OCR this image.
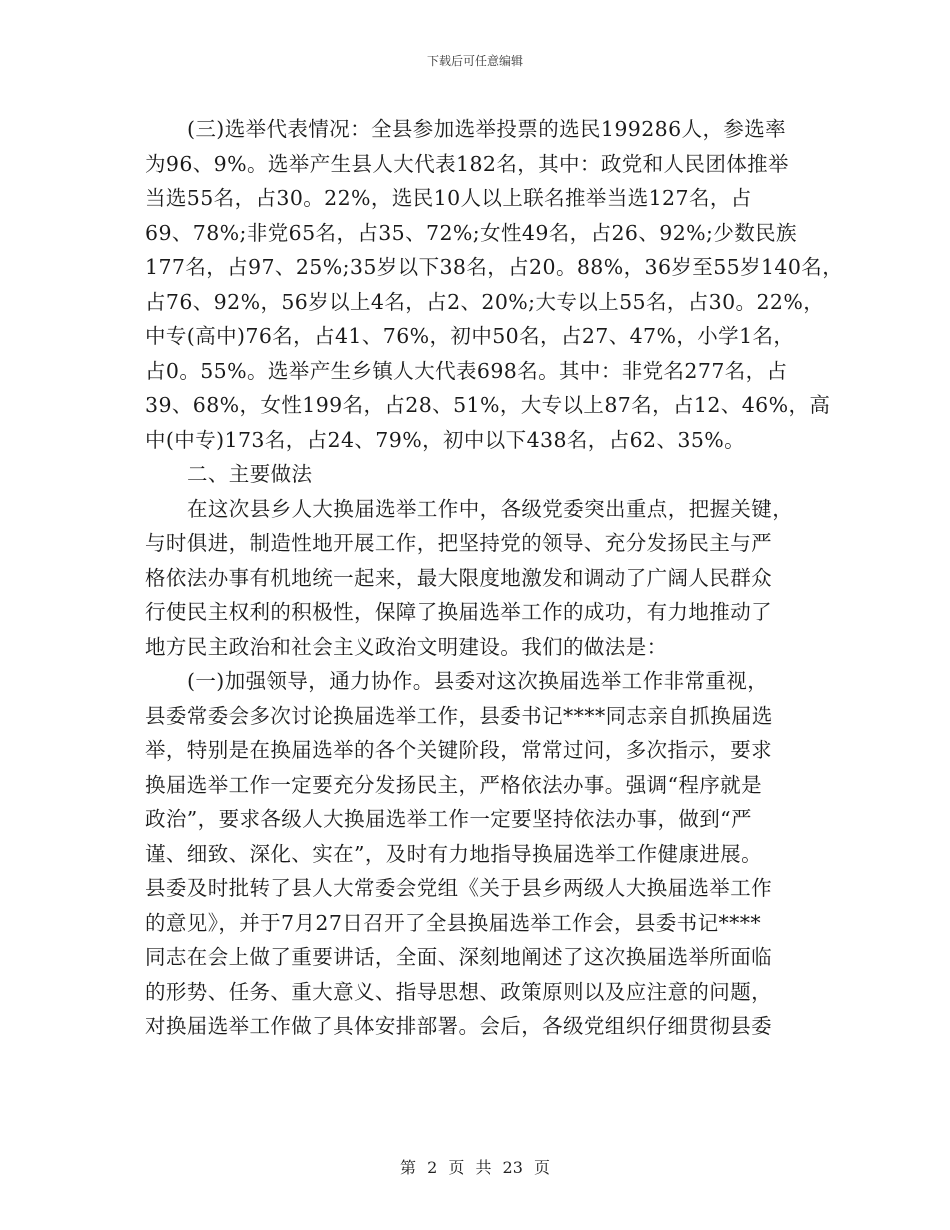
下载后可任意编辑
(三)选举代表情况：全县参加选举投票的选民199286人，参选率
为96、9%。选举产生县人大代表182名，其中：政党和人民团体推举
当选55名，占30。22%，选民10人以上联名推举当选127名，占
69、78%;非党65名，占35、72%;女性49名，占26、92%;少数民族
177名，占97、25%;35岁以下38名，占20。88%，36岁至55岁140名，
占76、92%，56岁以上4名，占2、20%;大专以上55名，占30。22%，
中专(高中)76名，占41、76%，初中50名，占27、47%，小学1名，
占0。55%。选举产生乡镇人大代表698名。其中：非党名277名，占
39、68%，女性199名，占28、51%，大专以上87名，占12、46%，高
中(中专)173名，占24、79%，初中以下438名，占62、35%。
二、主要做法
在这次县乡人大换届选举工作中，各级党委突出重点，把握关键，
与时俱进，制造性地开展工作，把坚持党的领导、充分发扬民主与严
格依法办事有机地统一起来，最大限度地激发和调动了广阔人民群众
行使民主权利的积极性，保障了换届选举工作的成功，有力地推动了
地方民主政治和社会主义政治文明建设。我们的做法是：
(一)加强领导，通力协作。县委对这次换届选举工作非常重视，
县委常委会多次讨论换届选举工作，县委书记****同志亲自抓换届选
举，特别是在换届选举的各个关键阶段，常常过问，多次指示，要求
换届选举工作一定要充分发扬民主，严格依法办事。强调“程序就是
政治”，要求各级人大换届选举工作一定要坚持依法办事，做到“严
谨、细致、深化、实在”，及时有力地指导换届选举工作健康进展。
县委及时批转了县人大常委会党组《关于县乡两级人大换届选举工作
的意见》，并于7月27日召开了全县换届选举工作会，县委书记****
同志在会上做了重要讲话，全面、深刻地阐述了这次换届选举所面临
的形势、任务、重大意义、指导思想、政策原则以及应注意的问题，
对换届选举工作做了具体安排部署。会后，各级党组织仔细贯彻县委
第 2 页 共 23 页
